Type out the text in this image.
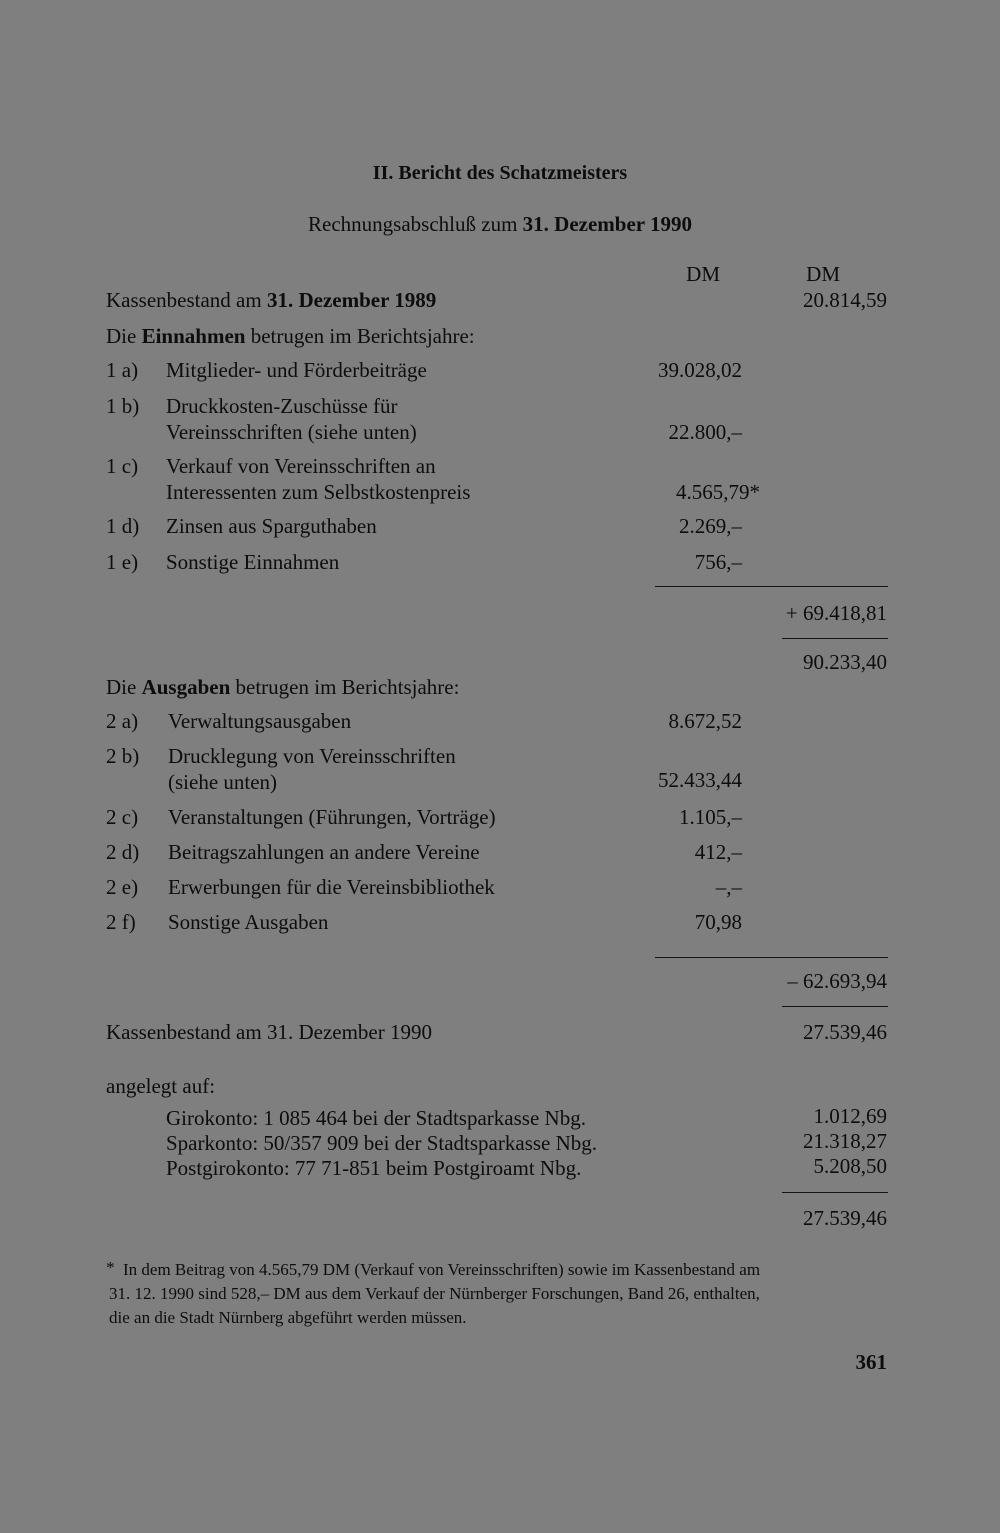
II. Bericht des Schatzmeisters
Rechnungsabschluß zum 31. Dezember 1990
DM	DM
Kassenbestand am 31. Dezember 1989	20.814,59
Die Einnahmen betrugen im Berichtsjahre:
1 a) Mitglieder- und Förderbeiträge	39.028,02
1 b) Druckkosten-Zuschüsse für
Vereinsschriften (siehe unten)	22.800,–
1 c) Verkauf von Vereinsschriften an
Interessenten zum Selbstkostenpreis	4.565,79*
1 d) Zinsen aus Sparguthaben	2.269,–
1 e) Sonstige Einnahmen	756,–
+ 69.418,81
90.233,40
Die Ausgaben betrugen im Berichtsjahre:
2 a) Verwaltungsausgaben	8.672,52
2 b) Drucklegung von Vereinsschriften
(siehe unten)	52.433,44
2 c) Veranstaltungen (Führungen, Vorträge)	1.105,–
2 d) Beitragszahlungen an andere Vereine	412,–
2 e) Erwerbungen für die Vereinsbibliothek	–,–
2 f) Sonstige Ausgaben	70,98
– 62.693,94
Kassenbestand am 31. Dezember 1990	27.539,46
angelegt auf:
Girokonto: 1 085 464 bei der Stadtsparkasse Nbg.	1.012,69
Sparkonto: 50/357 909 bei der Stadtsparkasse Nbg.	21.318,27
Postgirokonto: 77 71-851 beim Postgiroamt Nbg.	5.208,50
27.539,46
* In dem Beitrag von 4.565,79 DM (Verkauf von Vereinsschriften) sowie im Kassenbestand am
31. 12. 1990 sind 528,– DM aus dem Verkauf der Nürnberger Forschungen, Band 26, enthalten,
die an die Stadt Nürnberg abgeführt werden müssen.
361
